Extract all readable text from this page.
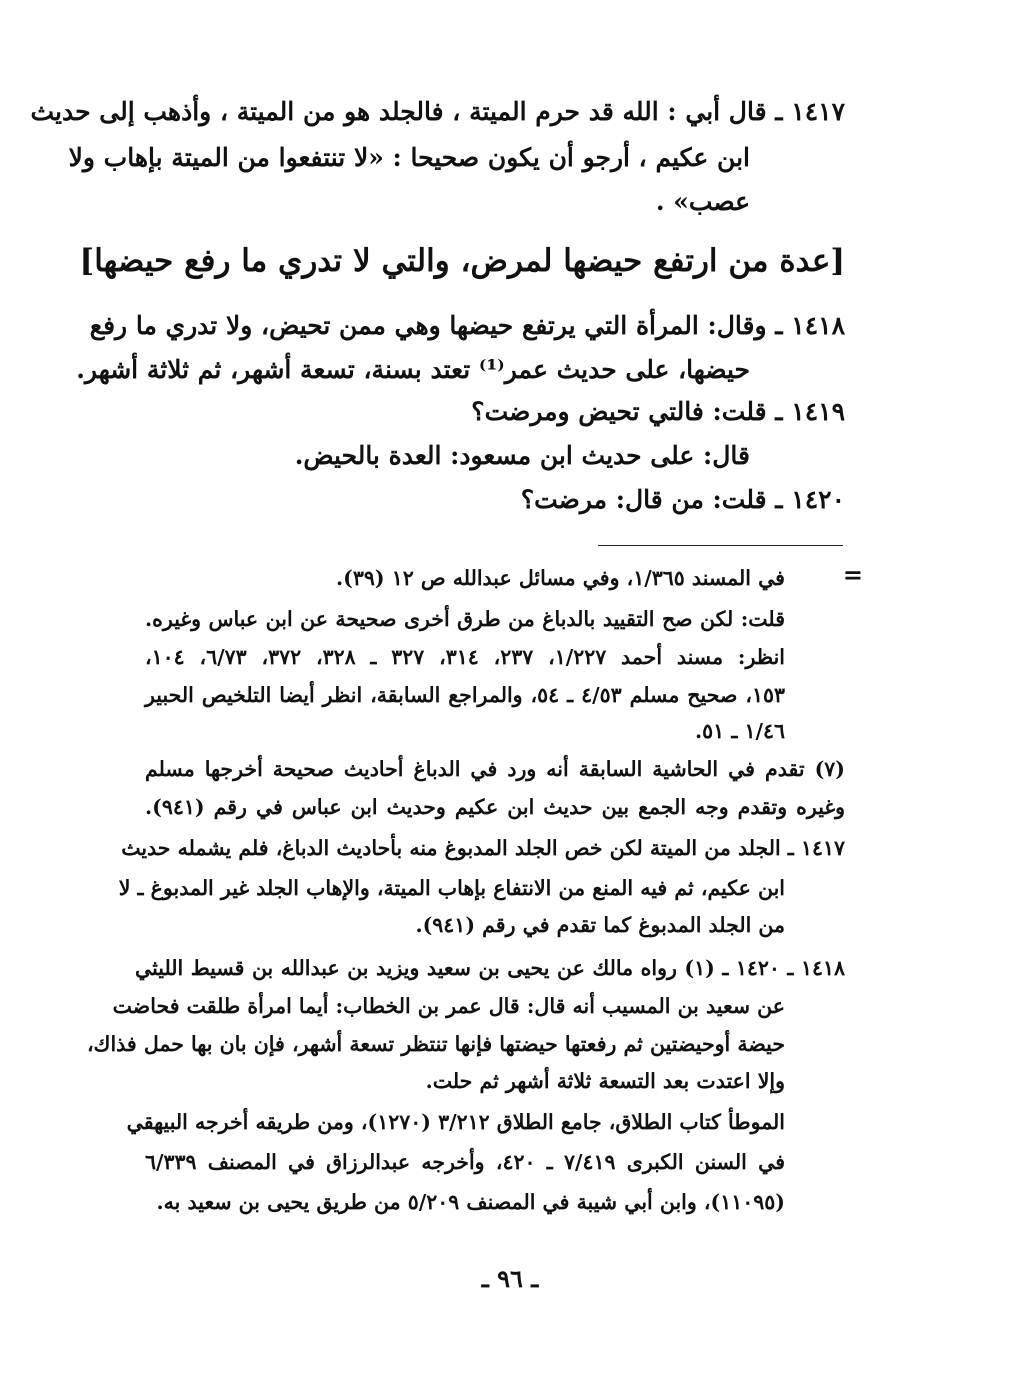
١٤١٧ ـ قال أبي : الله قد حرم الميتة ، فالجلد هو من الميتة ، وأذهب إلى حديث
ابن عكيم ، أرجو أن يكون صحيحا : «لا تنتفعوا من الميتة بإهاب ولا
عصب» .
[عدة من ارتفع حيضها لمرض، والتي لا تدري ما رفع حيضها]
١٤١٨ ـ وقال: المرأة التي يرتفع حيضها وهي ممن تحيض، ولا تدري ما رفع
حيضها، على حديث عمر⁽¹⁾ تعتد بسنة، تسعة أشهر، ثم ثلاثة أشهر.
١٤١٩ ـ قلت: فالتي تحيض ومرضت؟
قال: على حديث ابن مسعود: العدة بالحيض.
١٤٢٠ ـ قلت: من قال: مرضت؟
=
في المسند ١/٣٦٥، وفي مسائل عبدالله ص ١٢ (٣٩).
قلت: لكن صح التقييد بالدباغ من طرق أخرى صحيحة عن ابن عباس وغيره.
انظر: مسند أحمد ١/٢٢٧، ٢٣٧، ٣١٤، ٣٢٧ ـ ٣٢٨، ٣٧٢، ٦/٧٣، ١٠٤،
١٥٣، صحيح مسلم ٤/٥٣ ـ ٥٤، والمراجع السابقة، انظر أيضا التلخيص الحبير
١/٤٦ ـ ٥١.
(٧) تقدم في الحاشية السابقة أنه ورد في الدباغ أحاديث صحيحة أخرجها مسلم
وغيره وتقدم وجه الجمع بين حديث ابن عكيم وحديث ابن عباس في رقم (٩٤١).
١٤١٧ ـ الجلد من الميتة لكن خص الجلد المدبوغ منه بأحاديث الدباغ، فلم يشمله حديث
ابن عكيم، ثم فيه المنع من الانتفاع بإهاب الميتة، والإهاب الجلد غير المدبوغ ـ لا
من الجلد المدبوغ كما تقدم في رقم (٩٤١).
١٤١٨ ـ ١٤٢٠ ـ (١) رواه مالك عن يحيى بن سعيد ويزيد بن عبدالله بن قسيط الليثي
عن سعيد بن المسيب أنه قال: قال عمر بن الخطاب: أيما امرأة طلقت فحاضت
حيضة أوحيضتين ثم رفعتها حيضتها فإنها تنتظر تسعة أشهر، فإن بان بها حمل فذاك،
وإلا اعتدت بعد التسعة ثلاثة أشهر ثم حلت.
الموطأ كتاب الطلاق، جامع الطلاق ٣/٢١٢ (١٢٧٠)، ومن طريقه أخرجه البيهقي
في السنن الكبرى ٧/٤١٩ ـ ٤٢٠، وأخرجه عبدالرزاق في المصنف ٦/٣٣٩
(١١٠٩٥)، وابن أبي شيبة في المصنف ٥/٢٠٩ من طريق يحيى بن سعيد به.
ـ ٩٦ ـ
